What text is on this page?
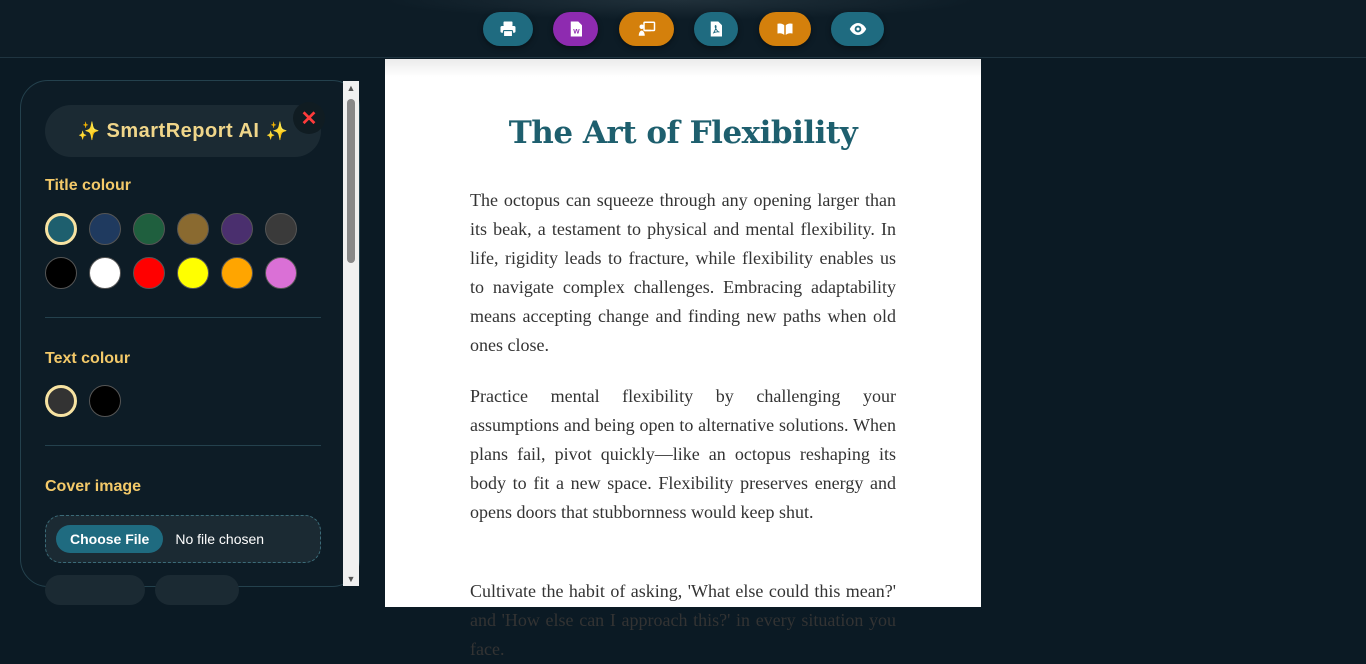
W
✨ SmartReport AI ✨
✕
Title colour
Text colour
Cover image
Choose File	No file chosen
▲
▼
The Art of Flexibility

The octopus can squeeze through any opening larger than its beak, a testament to physical and mental flexibility. In life, rigidity leads to fracture, while flexibility enables us to navigate complex challenges. Embracing adaptability means accepting change and finding new paths when old ones close.

Practice mental flexibility by challenging your assumptions and being open to alternative solutions. When plans fail, pivot quickly—like an octopus reshaping its body to fit a new space. Flexibility preserves energy and opens doors that stubbornness would keep shut.

Cultivate the habit of asking, 'What else could this mean?' and 'How else can I approach this?' in every situation you face.
